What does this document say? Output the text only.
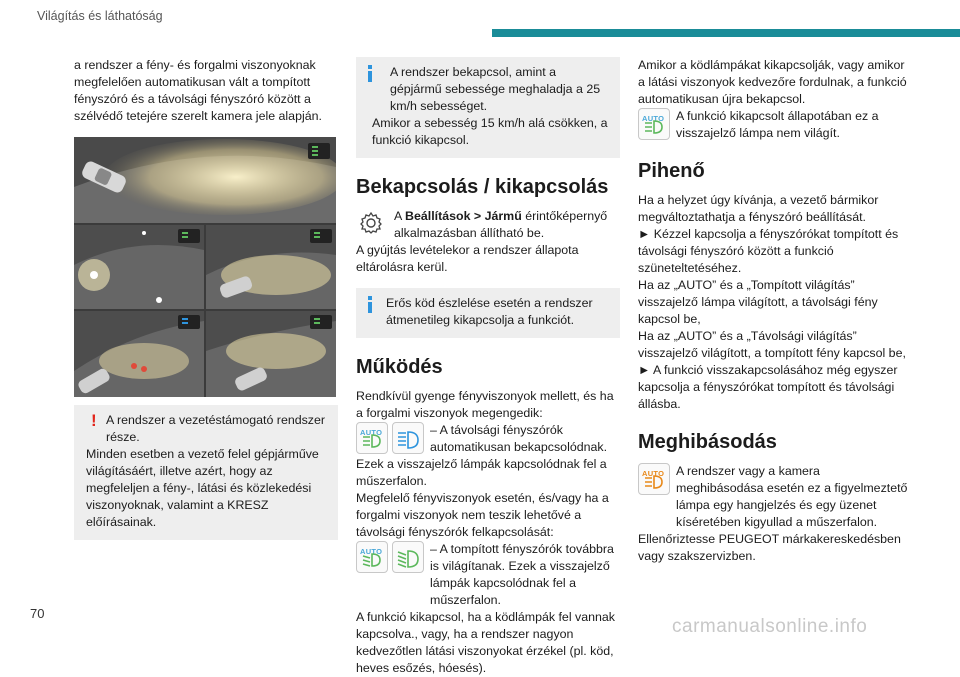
Világítás és láthatóság

a rendszer a fény- és forgalmi viszonyoknak megfelelően automatikusan vált a tompított fényszóró és a távolsági fényszóró között a szélvédő tetejére szerelt kamera jele alapján.

! A rendszer a vezetéstámogató rendszer része.

Minden esetben a vezető felel gépjárműve világításáért, illetve azért, hogy az megfeleljen a fény-, látási és közlekedési viszonyoknak, valamint a KRESZ előírásainak.

A rendszer bekapcsol, amint a gépjármű sebessége meghaladja a 25 km/h sebességet.

Amikor a sebesség 15 km/h alá csökken, a funkció kikapcsol.

Bekapcsolás / kikapcsolás

A Beállítások > Jármű érintőképernyő alkalmazásban állítható be.

A gyújtás levételekor a rendszer állapota eltárolásra kerül.

Erős köd észlelése esetén a rendszer átmenetileg kikapcsolja a funkciót.

Működés

Rendkívül gyenge fényviszonyok mellett, és ha a forgalmi viszonyok megengedik:

AUTO	– A távolsági fényszórók automatikusan bekapcsolódnak.

Ezek a visszajelző lámpák kapcsolódnak fel a műszerfalon.

Megfelelő fényviszonyok esetén, és/vagy ha a forgalmi viszonyok nem teszik lehetővé a távolsági fényszórók felkapcsolását:

AUTO	– A tompított fényszórók továbbra is világítanak. Ezek a visszajelző lámpák kapcsolódnak fel a műszerfalon.

A funkció kikapcsol, ha a ködlámpák fel vannak kapcsolva., vagy, ha a rendszer nagyon kedvezőtlen látási viszonyokat érzékel (pl. köd, heves esőzés, hóesés).

Amikor a ködlámpákat kikapcsolják, vagy amikor a látási viszonyok kedvezőre fordulnak, a funkció automatikusan újra bekapcsol.

AUTO A funkció kikapcsolt állapotában ez a visszajelző lámpa nem világít.

Pihenő

Ha a helyzet úgy kívánja, a vezető bármikor megváltoztathatja a fényszóró beállítását.

► Kézzel kapcsolja a fényszórókat tompított és távolsági fényszóró között a funkció szüneteltetéséhez.

Ha az „AUTO” és a „Tompított világítás” visszajelző lámpa világított, a távolsági fény kapcsol be,

Ha az „AUTO” és a „Távolsági világítás” visszajelző világított, a tompított fény kapcsol be,

► A funkció visszakapcsolásához még egyszer kapcsolja a fényszórókat tompított és távolsági állásba.

Meghibásodás
AUTO A rendszer vagy a kamera meghibásodása esetén ez a figyelmeztető lámpa egy hangjelzés és egy üzenet kíséretében kigyullad a műszerfalon.

Ellenőriztesse PEUGEOT márkakereskedésben vagy szakszervizben.

70
carmanualsonline.info
